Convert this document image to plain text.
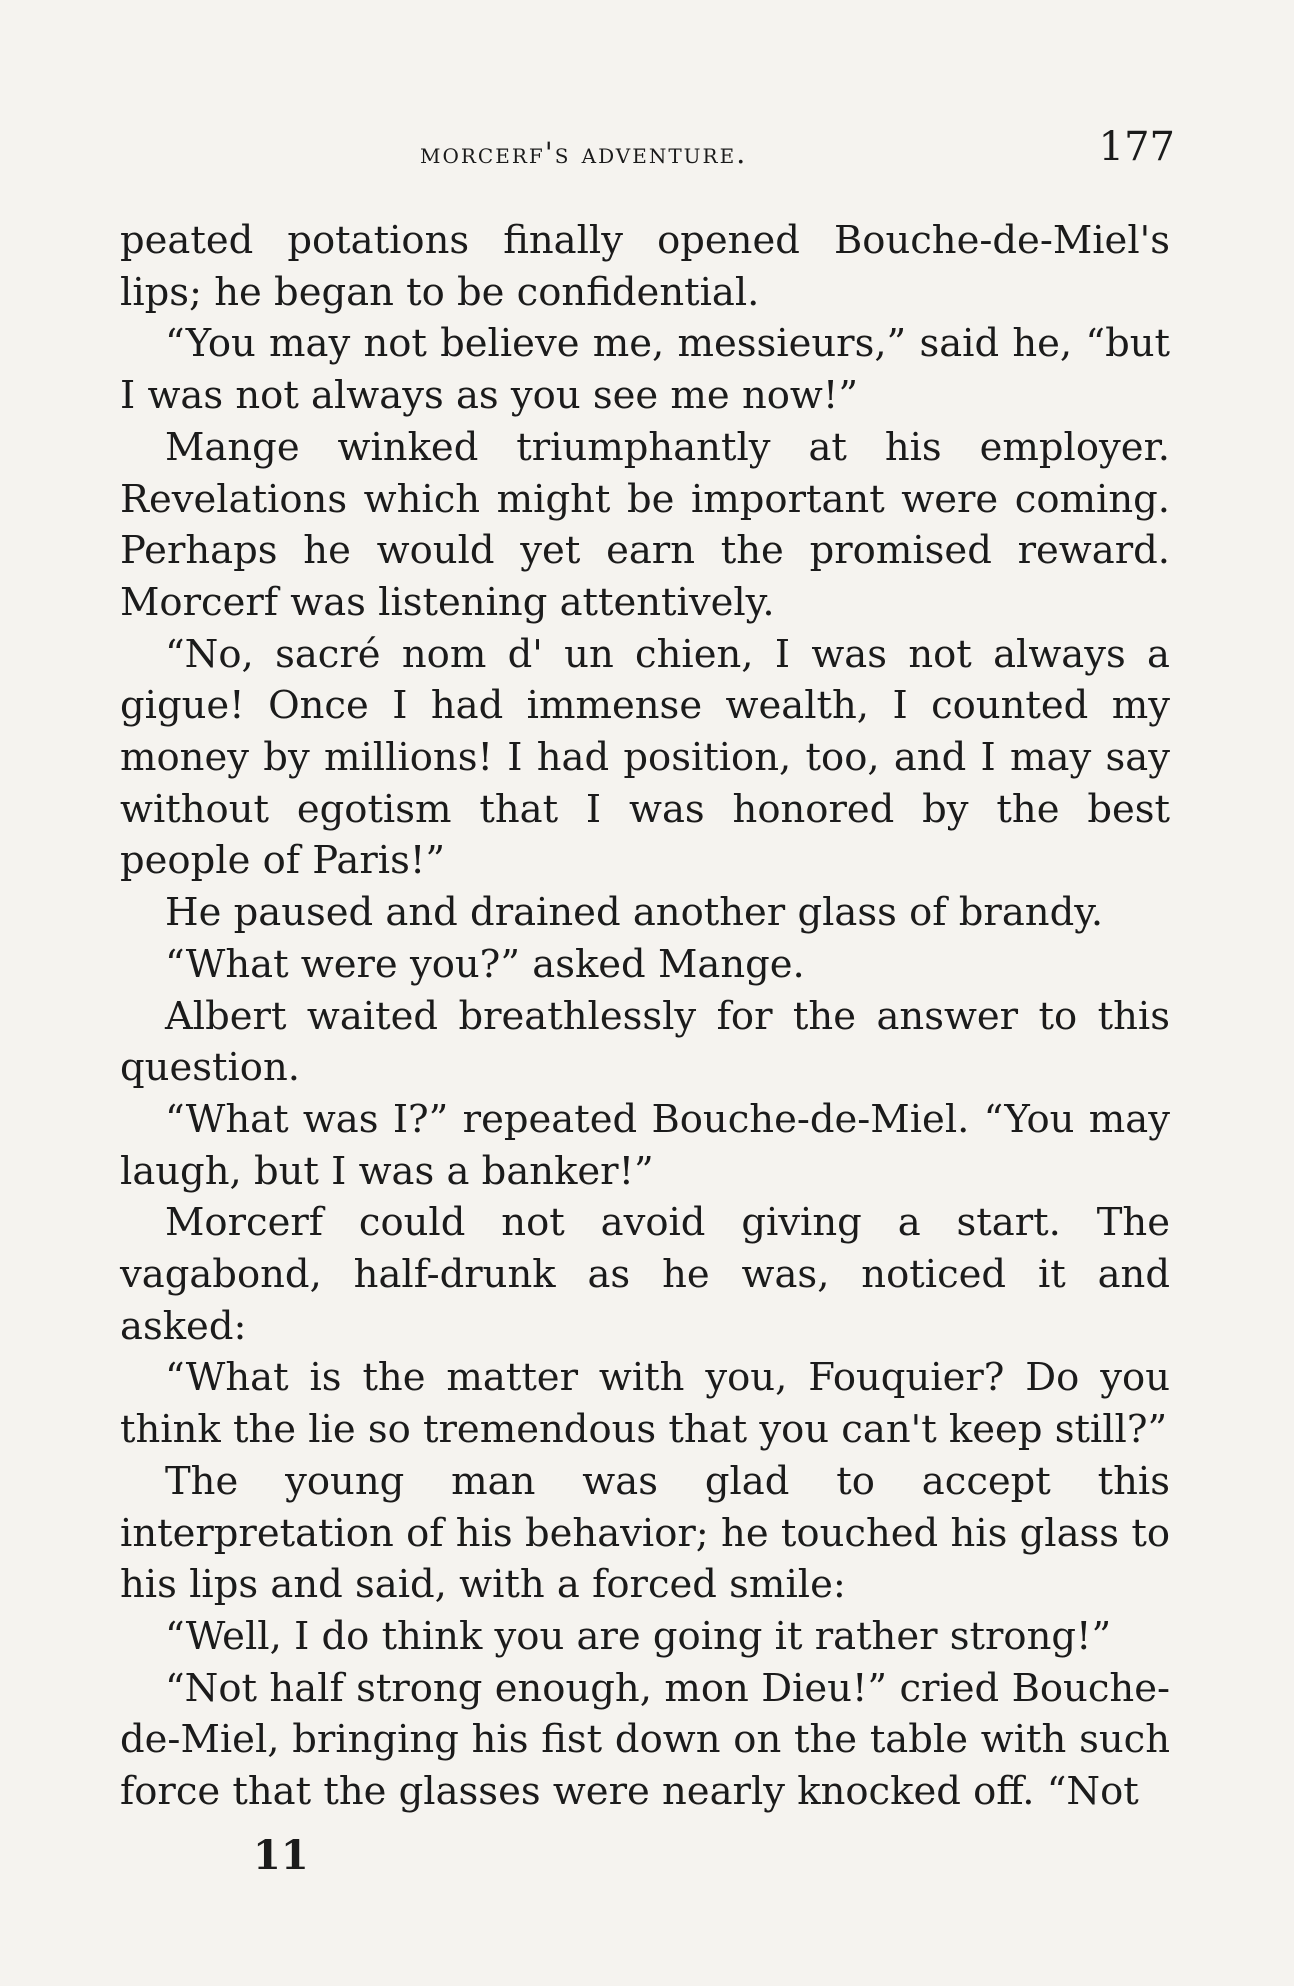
morcerf's adventure.	177

peated potations finally opened Bouche-de-Miel's lips; he began to be confidential.

“You may not believe me, messieurs,” said he, “but I was not always as you see me now!”

Mange winked triumphantly at his employer. Revelations which might be important were coming. Perhaps he would yet earn the promised reward. Morcerf was listening attentively.

“No, sacré nom d' un chien, I was not always a gigue! Once I had immense wealth, I counted my money by millions! I had position, too, and I may say without egotism that I was honored by the best people of Paris!”

He paused and drained another glass of brandy.

“What were you?” asked Mange.

Albert waited breathlessly for the answer to this question.

“What was I?” repeated Bouche-de-Miel. “You may laugh, but I was a banker!”

Morcerf could not avoid giving a start. The vagabond, half-drunk as he was, noticed it and asked:

“What is the matter with you, Fouquier? Do you think the lie so tremendous that you can't keep still?”

The young man was glad to accept this interpretation of his behavior; he touched his glass to his lips and said, with a forced smile:

“Well, I do think you are going it rather strong!”

“Not half strong enough, mon Dieu!” cried Bouche-de-Miel, bringing his fist down on the table with such force that the glasses were nearly knocked off. “Not

11
